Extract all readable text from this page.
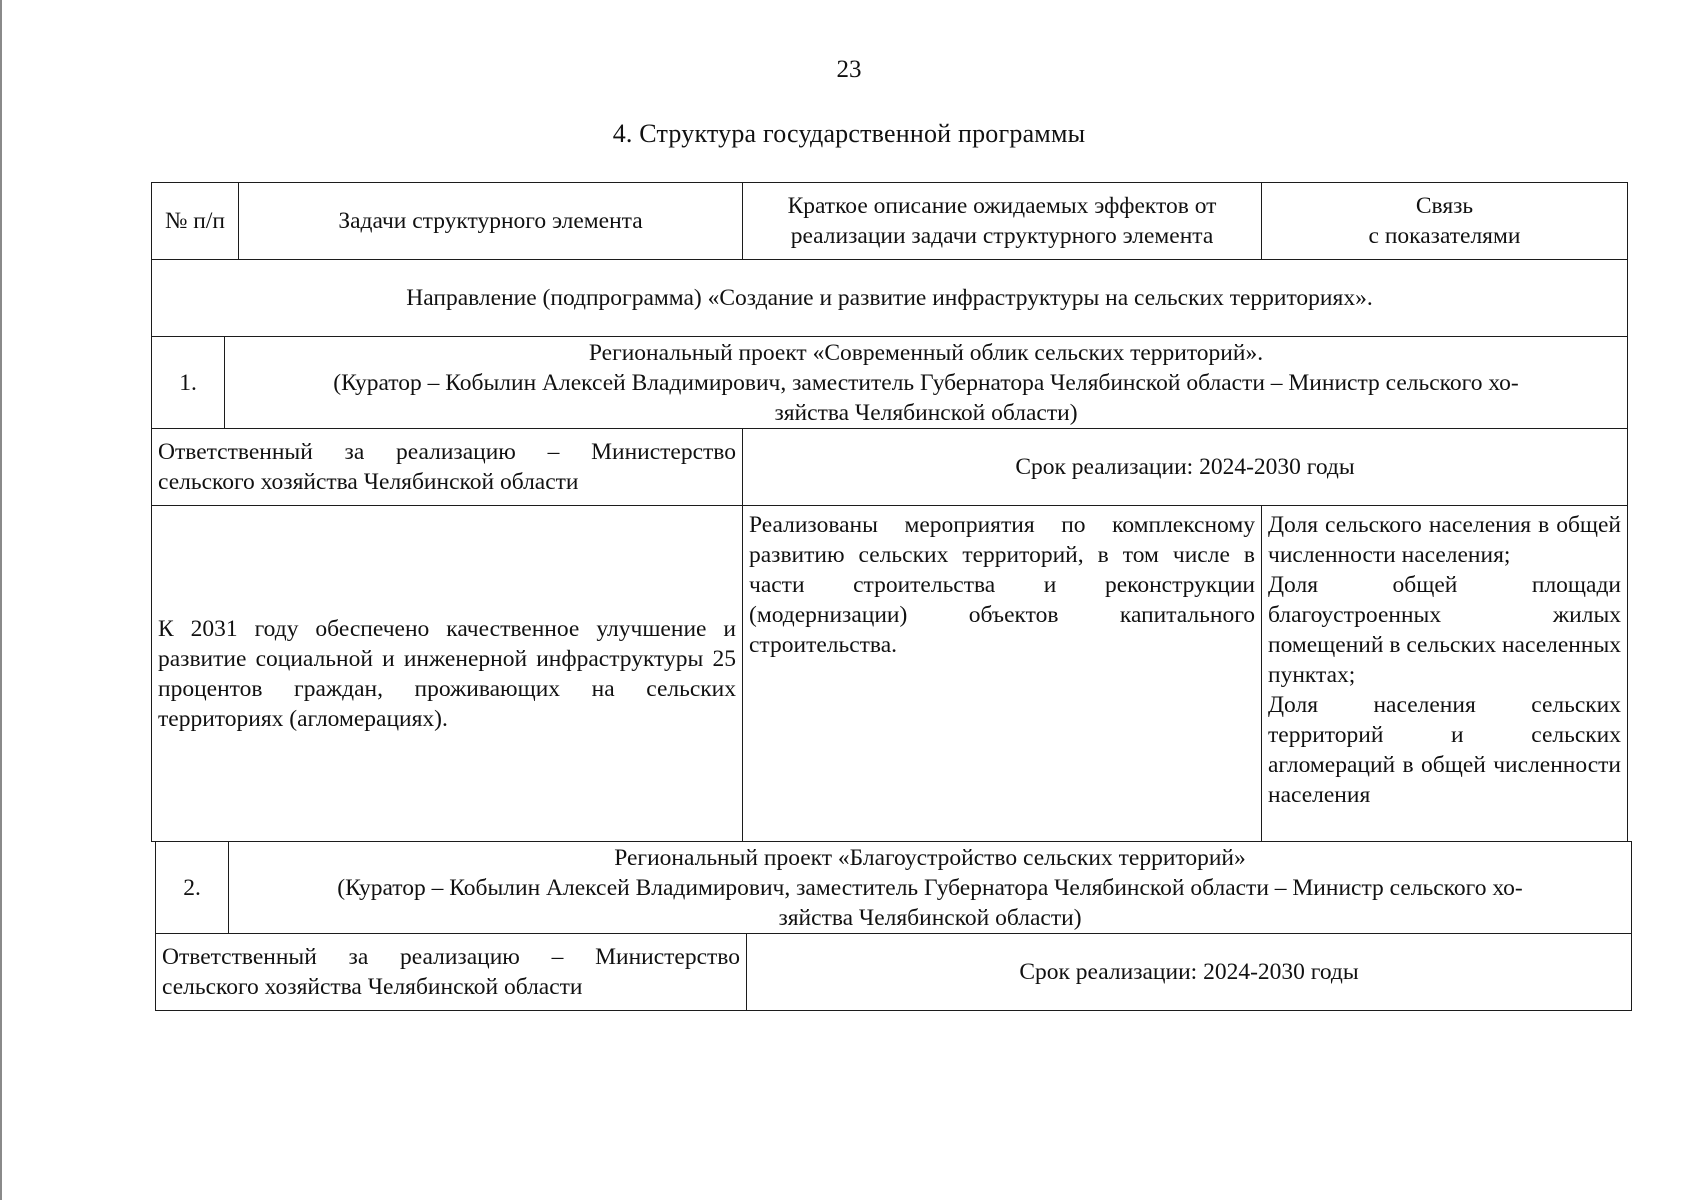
23
4. Структура государственной программы
№ п/п	Задачи структурного элемента
Краткое описание ожидаемых эффектов от
реализации задачи структурного элемента
Связь
с показателями
Направление (подпрограмма) «Создание и развитие инфраструктуры на сельских территориях».
1.
Региональный проект «Современный облик сельских территорий».
(Куратор – Кобылин Алексей Владимирович, заместитель Губернатора Челябинской области – Министр сельского хо-
зяйства Челябинской области)
Ответственный за реализацию – Министерство
сельского хозяйства Челябинской области
Срок реализации: 2024-2030 годы
К 2031 году обеспечено качественное улучшение и развитие социальной и инженерной инфраструктуры 25 процентов граждан, проживающих на сельских территориях (агломерациях).
Реализованы мероприятия по комплексному развитию сельских территорий, в том числе в части строительства и реконструкции (модернизации) объектов капитального строительства.
Доля сельского населения в общей численности населения;
Доля общей площади благоустроенных жилых помещений в сельских населенных пунктах;
Доля населения сельских территорий и сельских агломераций в общей численности населения
2.
Региональный проект «Благоустройство сельских территорий»
(Куратор – Кобылин Алексей Владимирович, заместитель Губернатора Челябинской области – Министр сельского хо-
зяйства Челябинской области)
Ответственный за реализацию – Министерство
сельского хозяйства Челябинской области
Срок реализации: 2024-2030 годы
